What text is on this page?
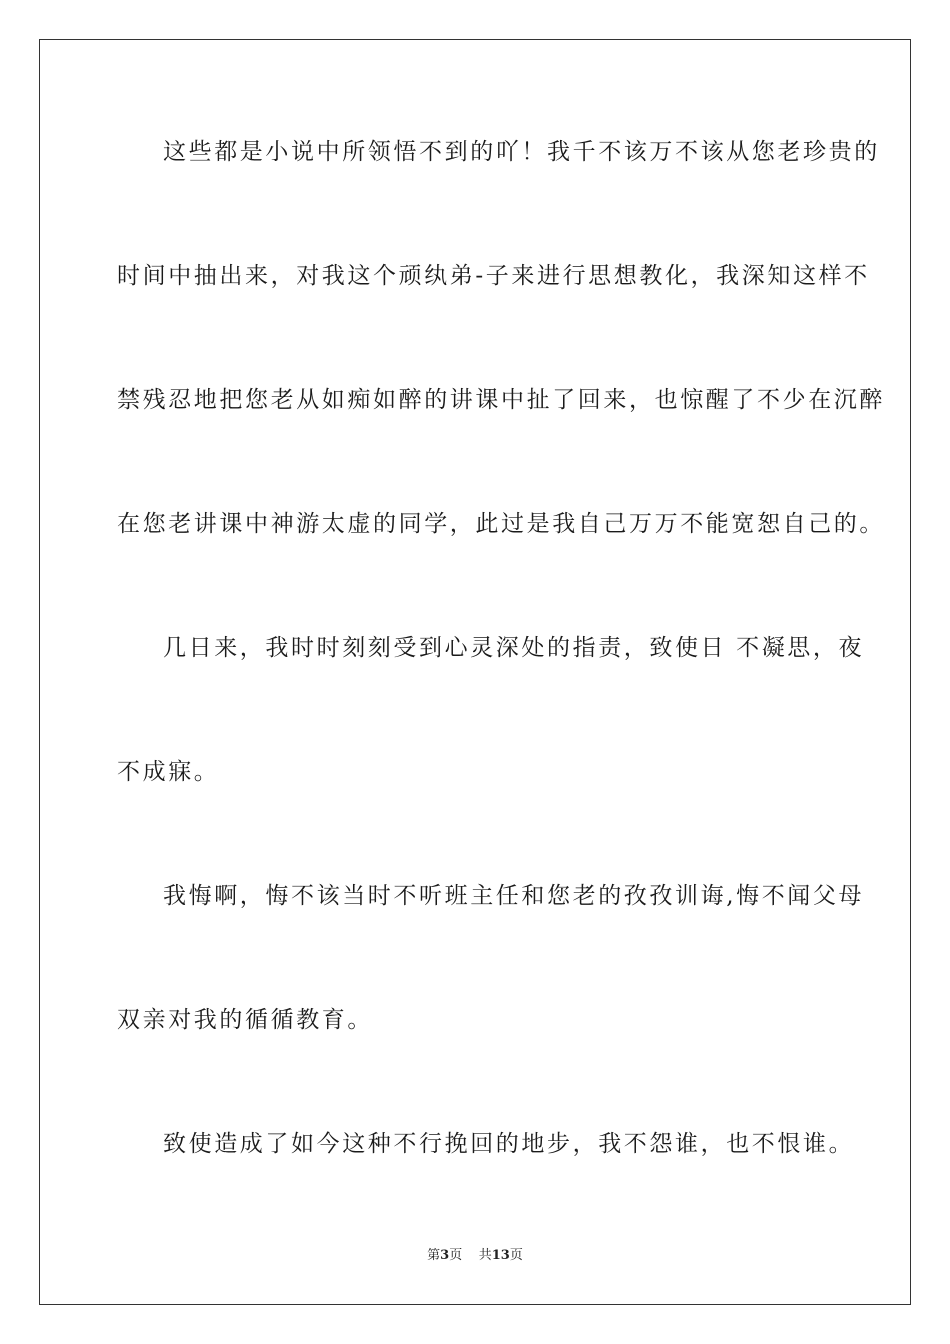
这些都是小说中所领悟不到的吖！我千不该万不该从您老珍贵的
时间中抽出来，对我这个顽纨弟-子来进行思想教化，我深知这样不
禁残忍地把您老从如痴如醉的讲课中扯了回来，也惊醒了不少在沉醉
在您老讲课中神游太虚的同学，此过是我自己万万不能宽恕自己的。
几日来，我时时刻刻受到心灵深处的指责，致使日 不凝思，夜
不成寐。
我悔啊，悔不该当时不听班主任和您老的孜孜训诲,悔不闻父母
双亲对我的循循教育。
致使造成了如今这种不行挽回的地步，我不怨谁，也不恨谁。
第3页    共13页
